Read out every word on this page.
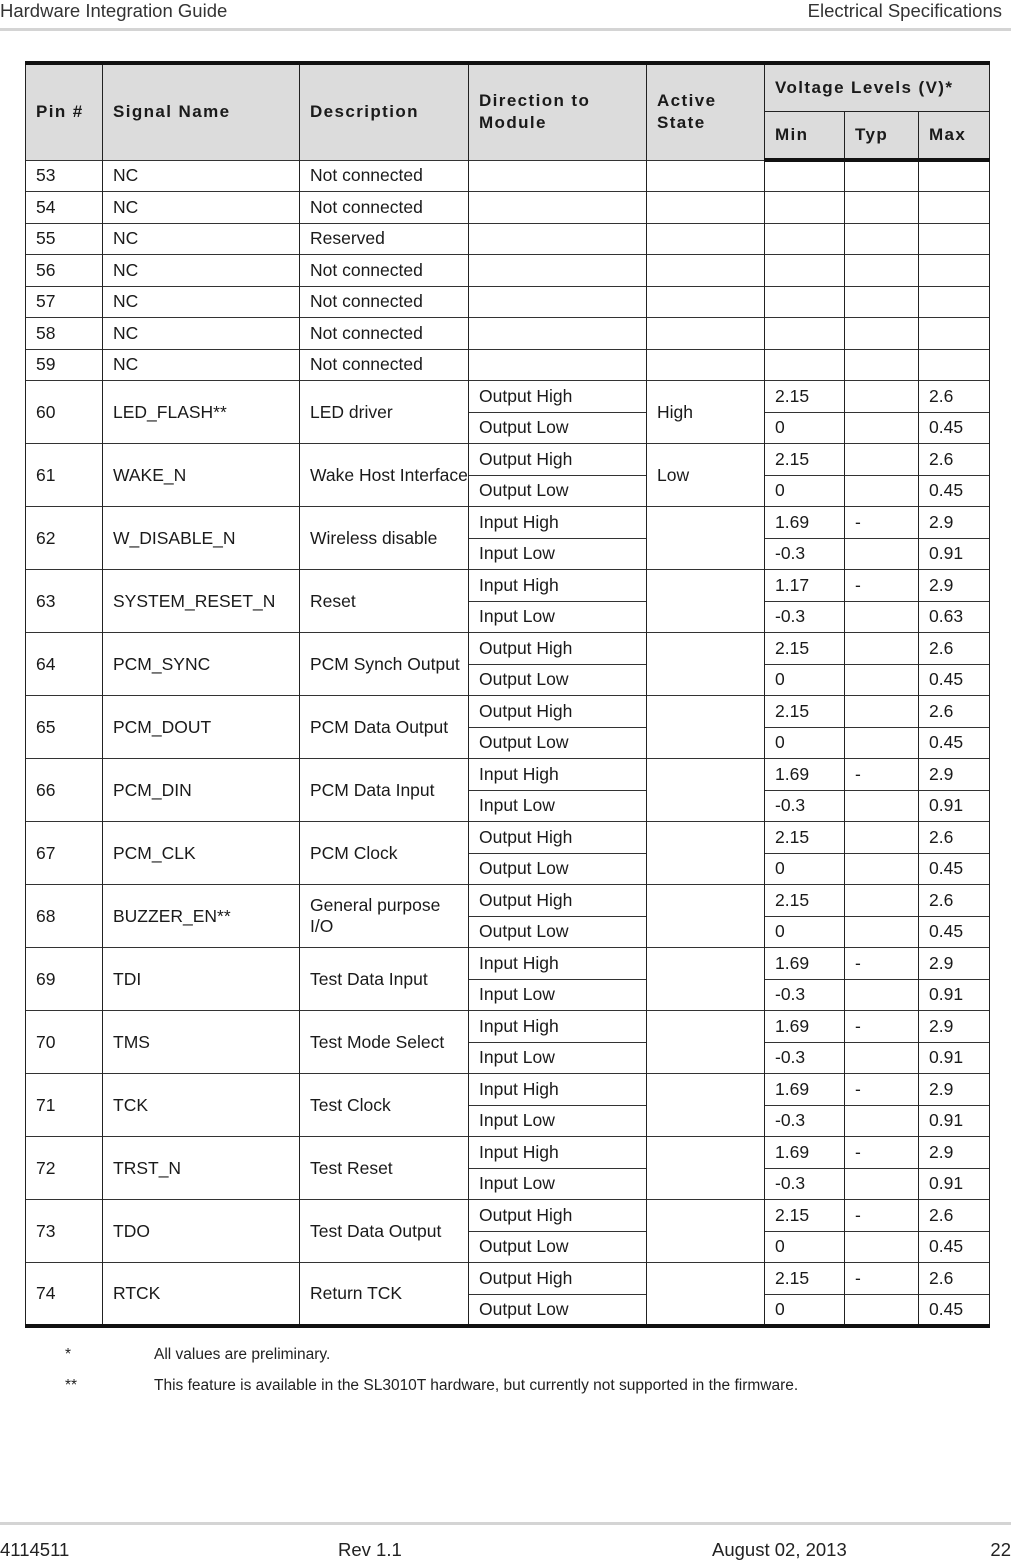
Hardware Integration Guide	Electrical Specifications
Pin #	Signal Name	Description	Direction to Module	Active State	Voltage Levels (V)*		
					Min	Typ	Max
53	NC	Not connected					
54	NC	Not connected					
55	NC	Reserved					
56	NC	Not connected					
57	NC	Not connected					
58	NC	Not connected					
59	NC	Not connected					
60	LED_FLASH**	LED driver	Output High	High	2.15		2.6
			Output Low		0		0.45
61	WAKE_N	Wake Host Interface	Output High	Low	2.15		2.6
			Output Low		0		0.45
62	W_DISABLE_N	Wireless disable	Input High		1.69	-	2.9
			Input Low		-0.3		0.91
63	SYSTEM_RESET_N	Reset	Input High		1.17	-	2.9
			Input Low		-0.3		0.63
64	PCM_SYNC	PCM Synch Output	Output High		2.15		2.6
			Output Low		0		0.45
65	PCM_DOUT	PCM Data Output	Output High		2.15		2.6
			Output Low		0		0.45
66	PCM_DIN	PCM Data Input	Input High		1.69	-	2.9
			Input Low		-0.3		0.91
67	PCM_CLK	PCM Clock	Output High		2.15		2.6
			Output Low		0		0.45
68	BUZZER_EN**	General purpose I/O	Output High		2.15		2.6
			Output Low		0		0.45
69	TDI	Test Data Input	Input High		1.69	-	2.9
			Input Low		-0.3		0.91
70	TMS	Test Mode Select	Input High		1.69	-	2.9
			Input Low		-0.3		0.91
71	TCK	Test Clock	Input High		1.69	-	2.9
			Input Low		-0.3		0.91
72	TRST_N	Test Reset	Input High		1.69	-	2.9
			Input Low		-0.3		0.91
73	TDO	Test Data Output	Output High		2.15	-	2.6
			Output Low		0		0.45
74	RTCK	Return TCK	Output High		2.15	-	2.6
			Output Low		0		0.45
*	All values are preliminary.
**	This feature is available in the SL3010T hardware, but currently not supported in the firmware.
4114511	Rev 1.1	August 02, 2013	22
